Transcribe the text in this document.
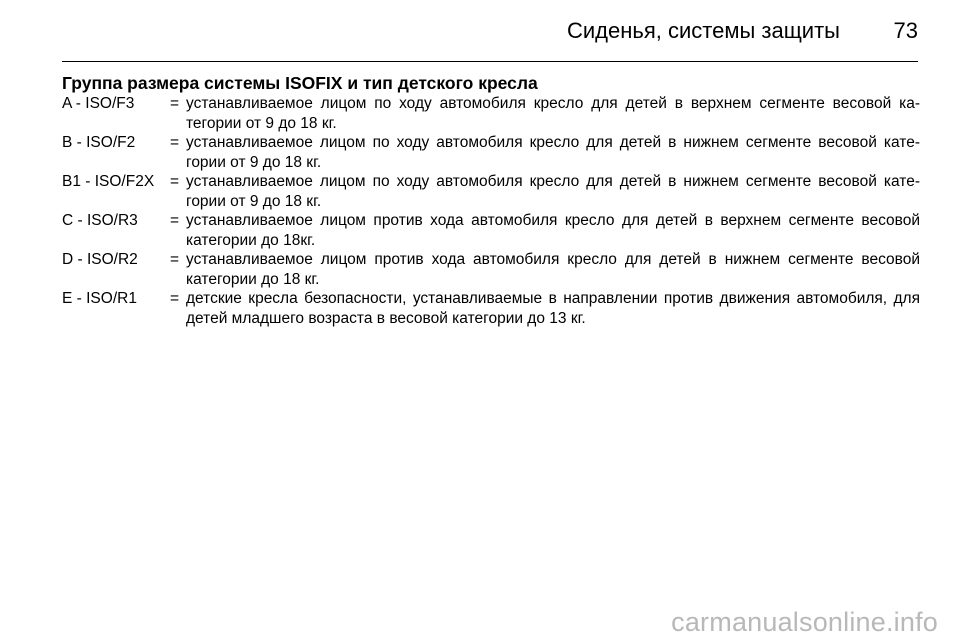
Сиденья, системы защиты 73
Группа размера системы ISOFIX и тип детского кресла
A - ISO/F3	= устанавливаемое лицом по ходу автомобиля кресло для детей в верхнем сегменте весовой ка-тегории от 9 до 18 кг.
B - ISO/F2	= устанавливаемое лицом по ходу автомобиля кресло для детей в нижнем сегменте весовой кате-гории от 9 до 18 кг.
B1 - ISO/F2X	= устанавливаемое лицом по ходу автомобиля кресло для детей в нижнем сегменте весовой кате-гории от 9 до 18 кг.
C - ISO/R3	= устанавливаемое лицом против хода автомобиля кресло для детей в верхнем сегменте весовой категории до 18кг.
D - ISO/R2	= устанавливаемое лицом против хода автомобиля кресло для детей в нижнем сегменте весовой категории до 18 кг.
E - ISO/R1	= детские кресла безопасности, устанавливаемые в направлении против движения автомобиля, для детей младшего возраста в весовой категории до 13 кг.
carmanualsonline.info
